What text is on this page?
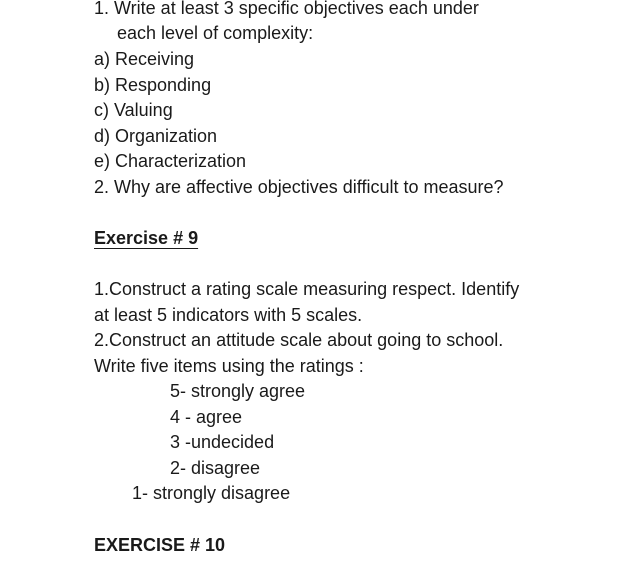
1. Write at least 3 specific objectives each under
each level of complexity:
a) Receiving
b) Responding
c) Valuing
d) Organization
e) Characterization
2. Why are affective objectives difficult to measure?
Exercise # 9
1.Construct a rating scale measuring respect. Identify
at least 5 indicators with 5 scales.
2.Construct an attitude scale about going to school.
Write five items using the ratings :
5- strongly agree
4 - agree
3 -undecided
2- disagree
1- strongly disagree
EXERCISE # 10
